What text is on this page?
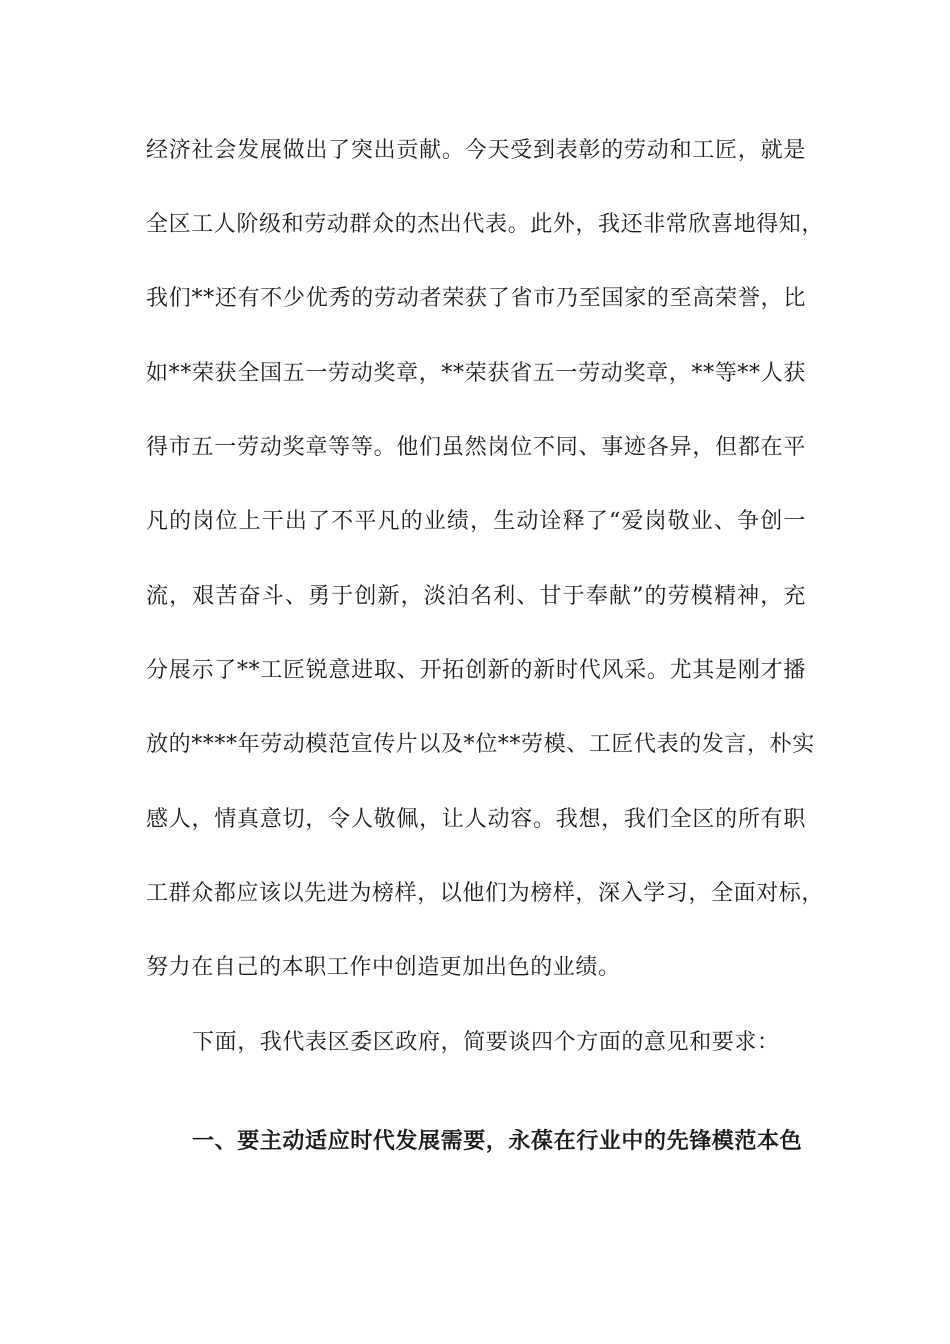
经济社会发展做出了突出贡献。今天受到表彰的劳动和工匠，就是
全区工人阶级和劳动群众的杰出代表。此外，我还非常欣喜地得知，
我们**还有不少优秀的劳动者荣获了省市乃至国家的至高荣誉，比
如**荣获全国五一劳动奖章，**荣获省五一劳动奖章，**等**人获
得市五一劳动奖章等等。他们虽然岗位不同、事迹各异，但都在平
凡的岗位上干出了不平凡的业绩，生动诠释了“爱岗敬业、争创一
流，艰苦奋斗、勇于创新，淡泊名利、甘于奉献”的劳模精神，充
分展示了**工匠锐意进取、开拓创新的新时代风采。尤其是刚才播
放的****年劳动模范宣传片以及*位**劳模、工匠代表的发言，朴实
感人，情真意切，令人敬佩，让人动容。我想，我们全区的所有职
工群众都应该以先进为榜样，以他们为榜样，深入学习，全面对标，
努力在自己的本职工作中创造更加出色的业绩。
下面，我代表区委区政府，简要谈四个方面的意见和要求：
一、要主动适应时代发展需要，永葆在行业中的先锋模范本色
